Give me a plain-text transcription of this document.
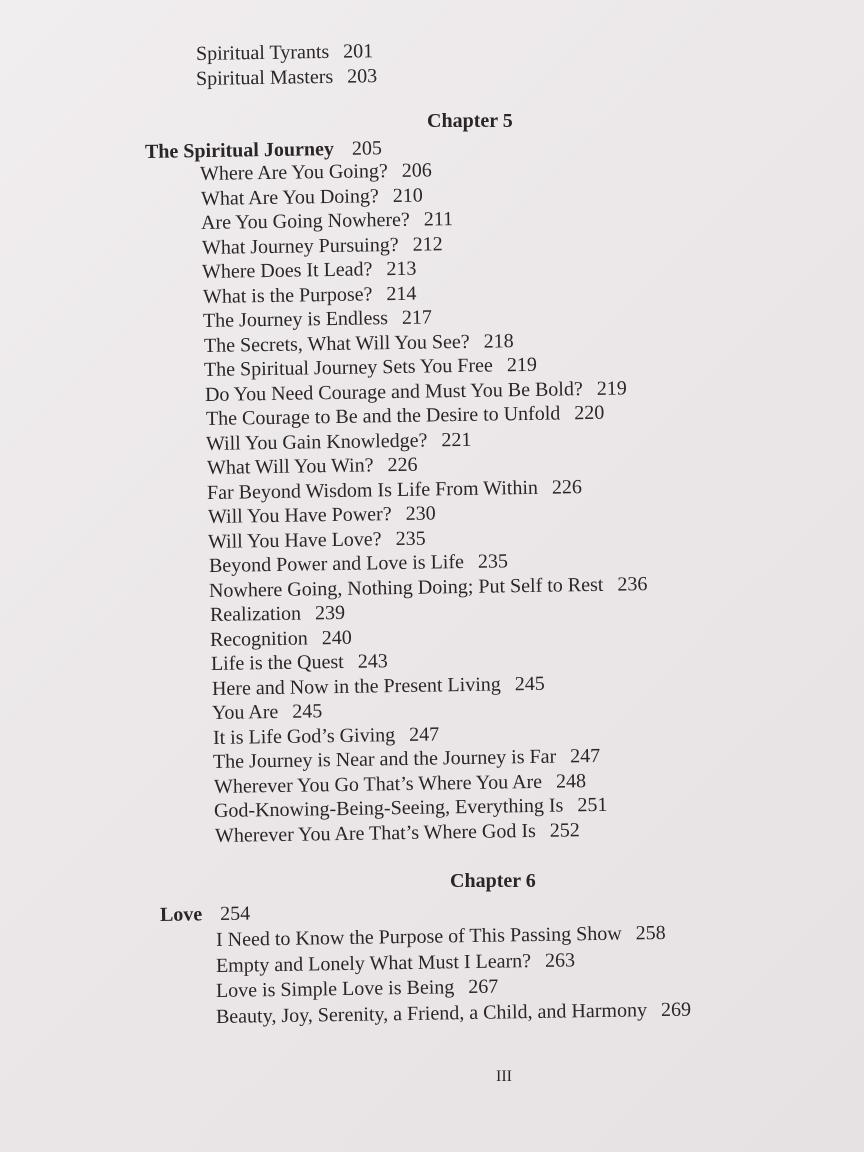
Spiritual Tyrants 201
Spiritual Masters 203
Chapter 5
The Spiritual Journey 205
Where Are You Going? 206
What Are You Doing? 210
Are You Going Nowhere? 211
What Journey Pursuing? 212
Where Does It Lead? 213
What is the Purpose? 214
The Journey is Endless 217
The Secrets, What Will You See? 218
The Spiritual Journey Sets You Free 219
Do You Need Courage and Must You Be Bold? 219
The Courage to Be and the Desire to Unfold 220
Will You Gain Knowledge? 221
What Will You Win? 226
Far Beyond Wisdom Is Life From Within 226
Will You Have Power? 230
Will You Have Love? 235
Beyond Power and Love is Life 235
Nowhere Going, Nothing Doing; Put Self to Rest 236
Realization 239
Recognition 240
Life is the Quest 243
Here and Now in the Present Living 245
You Are 245
It is Life God’s Giving 247
The Journey is Near and the Journey is Far 247
Wherever You Go That’s Where You Are 248
God-Knowing-Being-Seeing, Everything Is 251
Wherever You Are That’s Where God Is 252
Chapter 6
Love 254
I Need to Know the Purpose of This Passing Show 258
Empty and Lonely What Must I Learn? 263
Love is Simple Love is Being 267
Beauty, Joy, Serenity, a Friend, a Child, and Harmony 269
III
